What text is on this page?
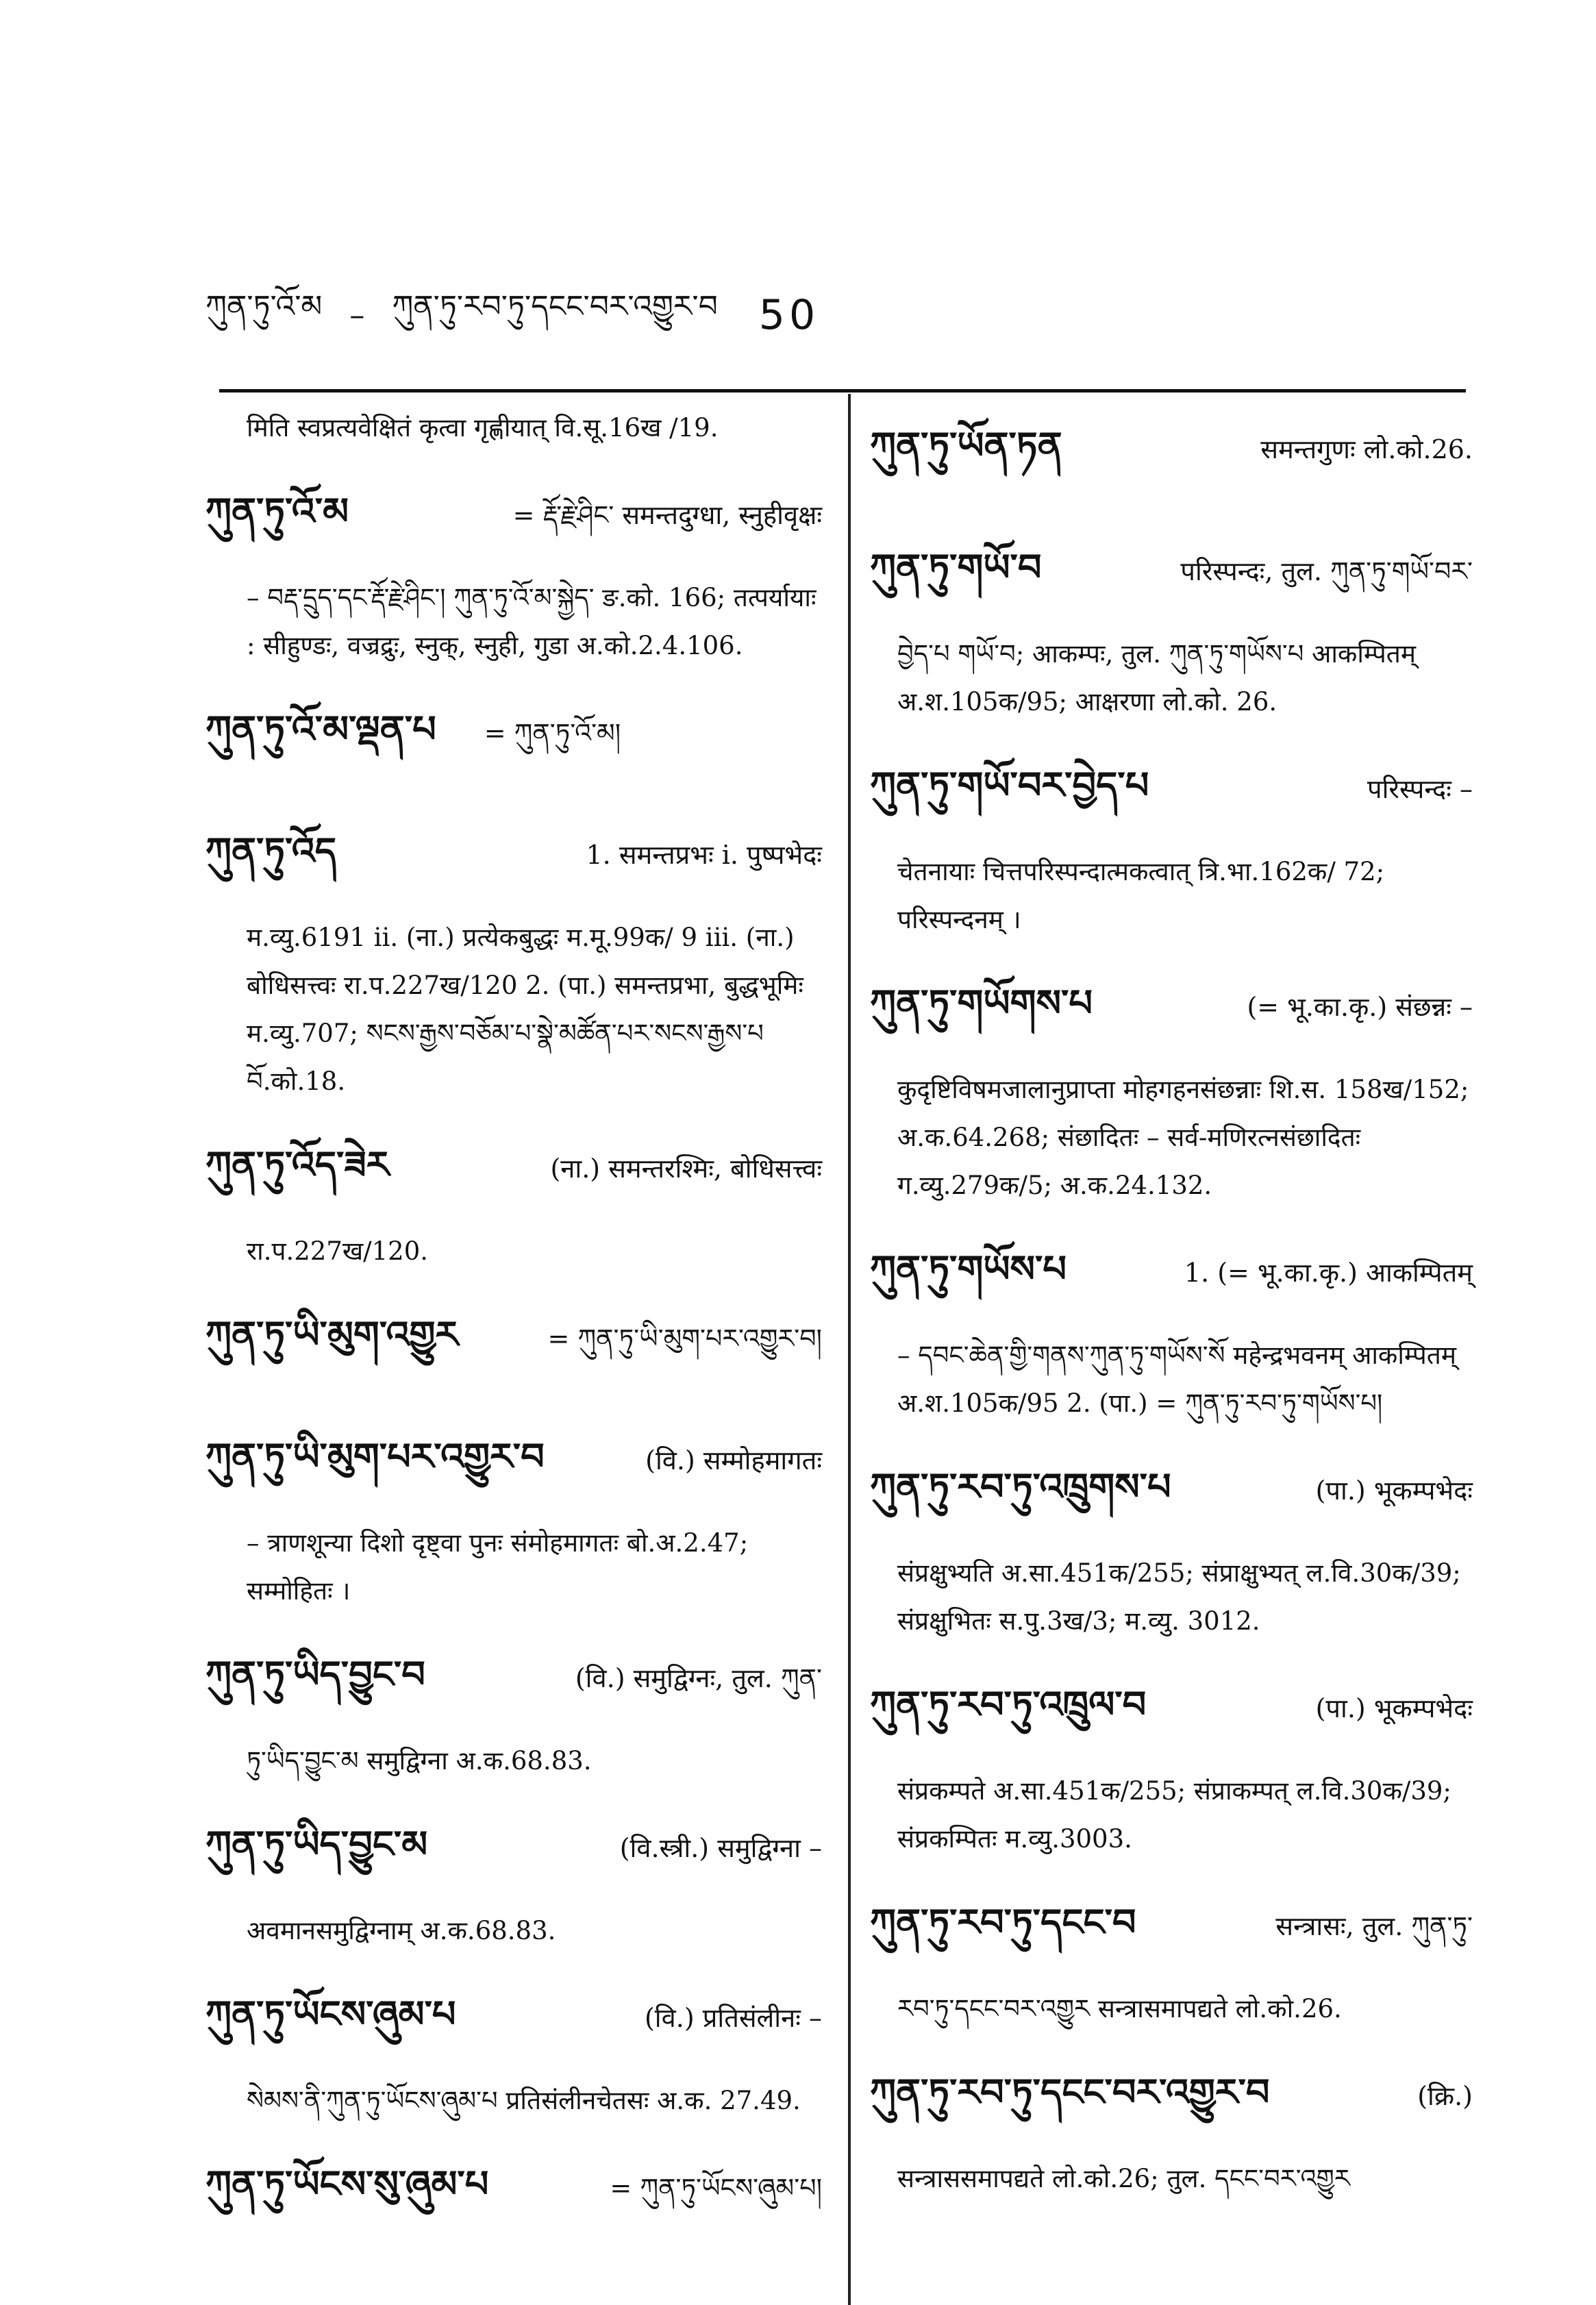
ཀུན་ཏུ་འོ་མ – ཀུན་ཏུ་རབ་ཏུ་དངང་བར་འགྱུར་བ 50
मिति स्वप्रत्यवेक्षितं कृत्वा गृह्णीयात् वि.सू.16ख /19.
ཀུན་ཏུ་འོ་མ	= རྡོ་རྗེ་ཤིང་ समन्तदुग्धा, स्नुहीवृक्षः
– བརྡ་དྲུད་དང་རྡོ་རྗེ་ཤིང་། ཀུན་ཏུ་འོ་མ་སྐྱེད་ ङ.को. 166; तत्पर्यायाः : सीहुण्डः, वज्रद्रुः, स्नुक्, स्नुही, गुडा अ.को.2.4.106.
ཀུན་ཏུ་འོ་མ་ལྡན་པ = ཀུན་ཏུ་འོ་མ།
ཀུན་ཏུ་འོད	1. समन्तप्रभः i. पुष्पभेदः
म.व्यु.6191 ii. (ना.) प्रत्येकबुद्धः म.मू.99क/ 9 iii. (ना.) बोधिसत्त्वः रा.प.227ख/120 2. (पा.) समन्तप्रभा, बुद्धभूमिः म.व्यु.707; སངས་རྒྱས་བཅོམ་པ་སྣེ་མཚོན་པར་སངས་རྒྱས་པ བོ.को.18.
ཀུན་ཏུ་འོད་ཟེར	(ना.) समन्तरश्मिः, बोधिसत्त्वः
रा.प.227ख/120.
ཀུན་ཏུ་ཡི་མུག་འགྱུར	= ཀུན་ཏུ་ཡི་མུག་པར་འགྱུར་བ།
ཀུན་ཏུ་ཡི་མུག་པར་འགྱུར་བ	(वि.) सम्मोहमागतः
– त्राणशून्या दिशो दृष्ट्वा पुनः संमोहमागतः बो.अ.2.47; सम्मोहितः ।
ཀུན་ཏུ་ཡིད་བྱུང་བ	(वि.) समुद्विग्नः, तुल. ཀུན་
ཏུ་ཡིད་བྱུང་མ समुद्विग्ना अ.क.68.83.
ཀུན་ཏུ་ཡིད་བྱུང་མ	(वि.स्त्री.) समुद्विग्ना –
अवमानसमुद्विग्नाम् अ.क.68.83.
ཀུན་ཏུ་ཡོངས་ཞུམ་པ	(वि.) प्रतिसंलीनः –
སེམས་ནི་ཀུན་ཏུ་ཡོངས་ཞུམ་པ प्रतिसंलीनचेतसः अ.क. 27.49.
ཀུན་ཏུ་ཡོངས་སུ་ཞུམ་པ	= ཀུན་ཏུ་ཡོངས་ཞུམ་པ།
ཀུན་ཏུ་ཡོན་ཏན	समन्तगुणः लो.को.26.
ཀུན་ཏུ་གཡོ་བ	परिस्पन्दः, तुल. ཀུན་ཏུ་གཡོ་བར་
བྱེད་པ གཡོ་བ; आकम्पः, तुल. ཀུན་ཏུ་གཡོས་པ आकम्पितम् अ.श.105क/95; आक्षरणा लो.को. 26.
ཀུན་ཏུ་གཡོ་བར་བྱེད་པ	परिस्पन्दः –
चेतनायाः चित्तपरिस्पन्दात्मकत्वात् त्रि.भा.162क/ 72; परिस्पन्दनम् ।
ཀུན་ཏུ་གཡོགས་པ	(= भू.का.कृ.) संछन्नः –
कुदृष्टिविषमजालानुप्राप्ता मोहगहनसंछन्नाः शि.स. 158ख/152; अ.क.64.268; संछादितः – सर्व-मणिरत्नसंछादितः ग.व्यु.279क/5; अ.क.24.132.
ཀུན་ཏུ་གཡོས་པ	1. (= भू.का.कृ.) आकम्पितम्
– དབང་ཆེན་གྱི་གནས་ཀུན་ཏུ་གཡོས་སོ महेन्द्रभवनम् आकम्पितम् अ.श.105क/95 2. (पा.) = ཀུན་ཏུ་རབ་ཏུ་གཡོས་པ།
ཀུན་ཏུ་རབ་ཏུ་འཁྲུགས་པ	(पा.) भूकम्पभेदः
संप्रक्षुभ्यति अ.सा.451क/255; संप्राक्षुभ्यत् ल.वि.30क/39; संप्रक्षुभितः स.पु.3ख/3; म.व्यु. 3012.
ཀུན་ཏུ་རབ་ཏུ་འཁྲུལ་བ	(पा.) भूकम्पभेदः
संप्रकम्पते अ.सा.451क/255; संप्राकम्पत् ल.वि.30क/39; संप्रकम्पितः म.व्यु.3003.
ཀུན་ཏུ་རབ་ཏུ་དངང་བ	सन्त्रासः, तुल. ཀུན་ཏུ་
རབ་ཏུ་དངང་བར་འགྱུར सन्त्रासमापद्यते लो.को.26.
ཀུན་ཏུ་རབ་ཏུ་དངང་བར་འགྱུར་བ	(क्रि.)
सन्त्राससमापद्यते लो.को.26; तुल. དངང་བར་འགྱུར
